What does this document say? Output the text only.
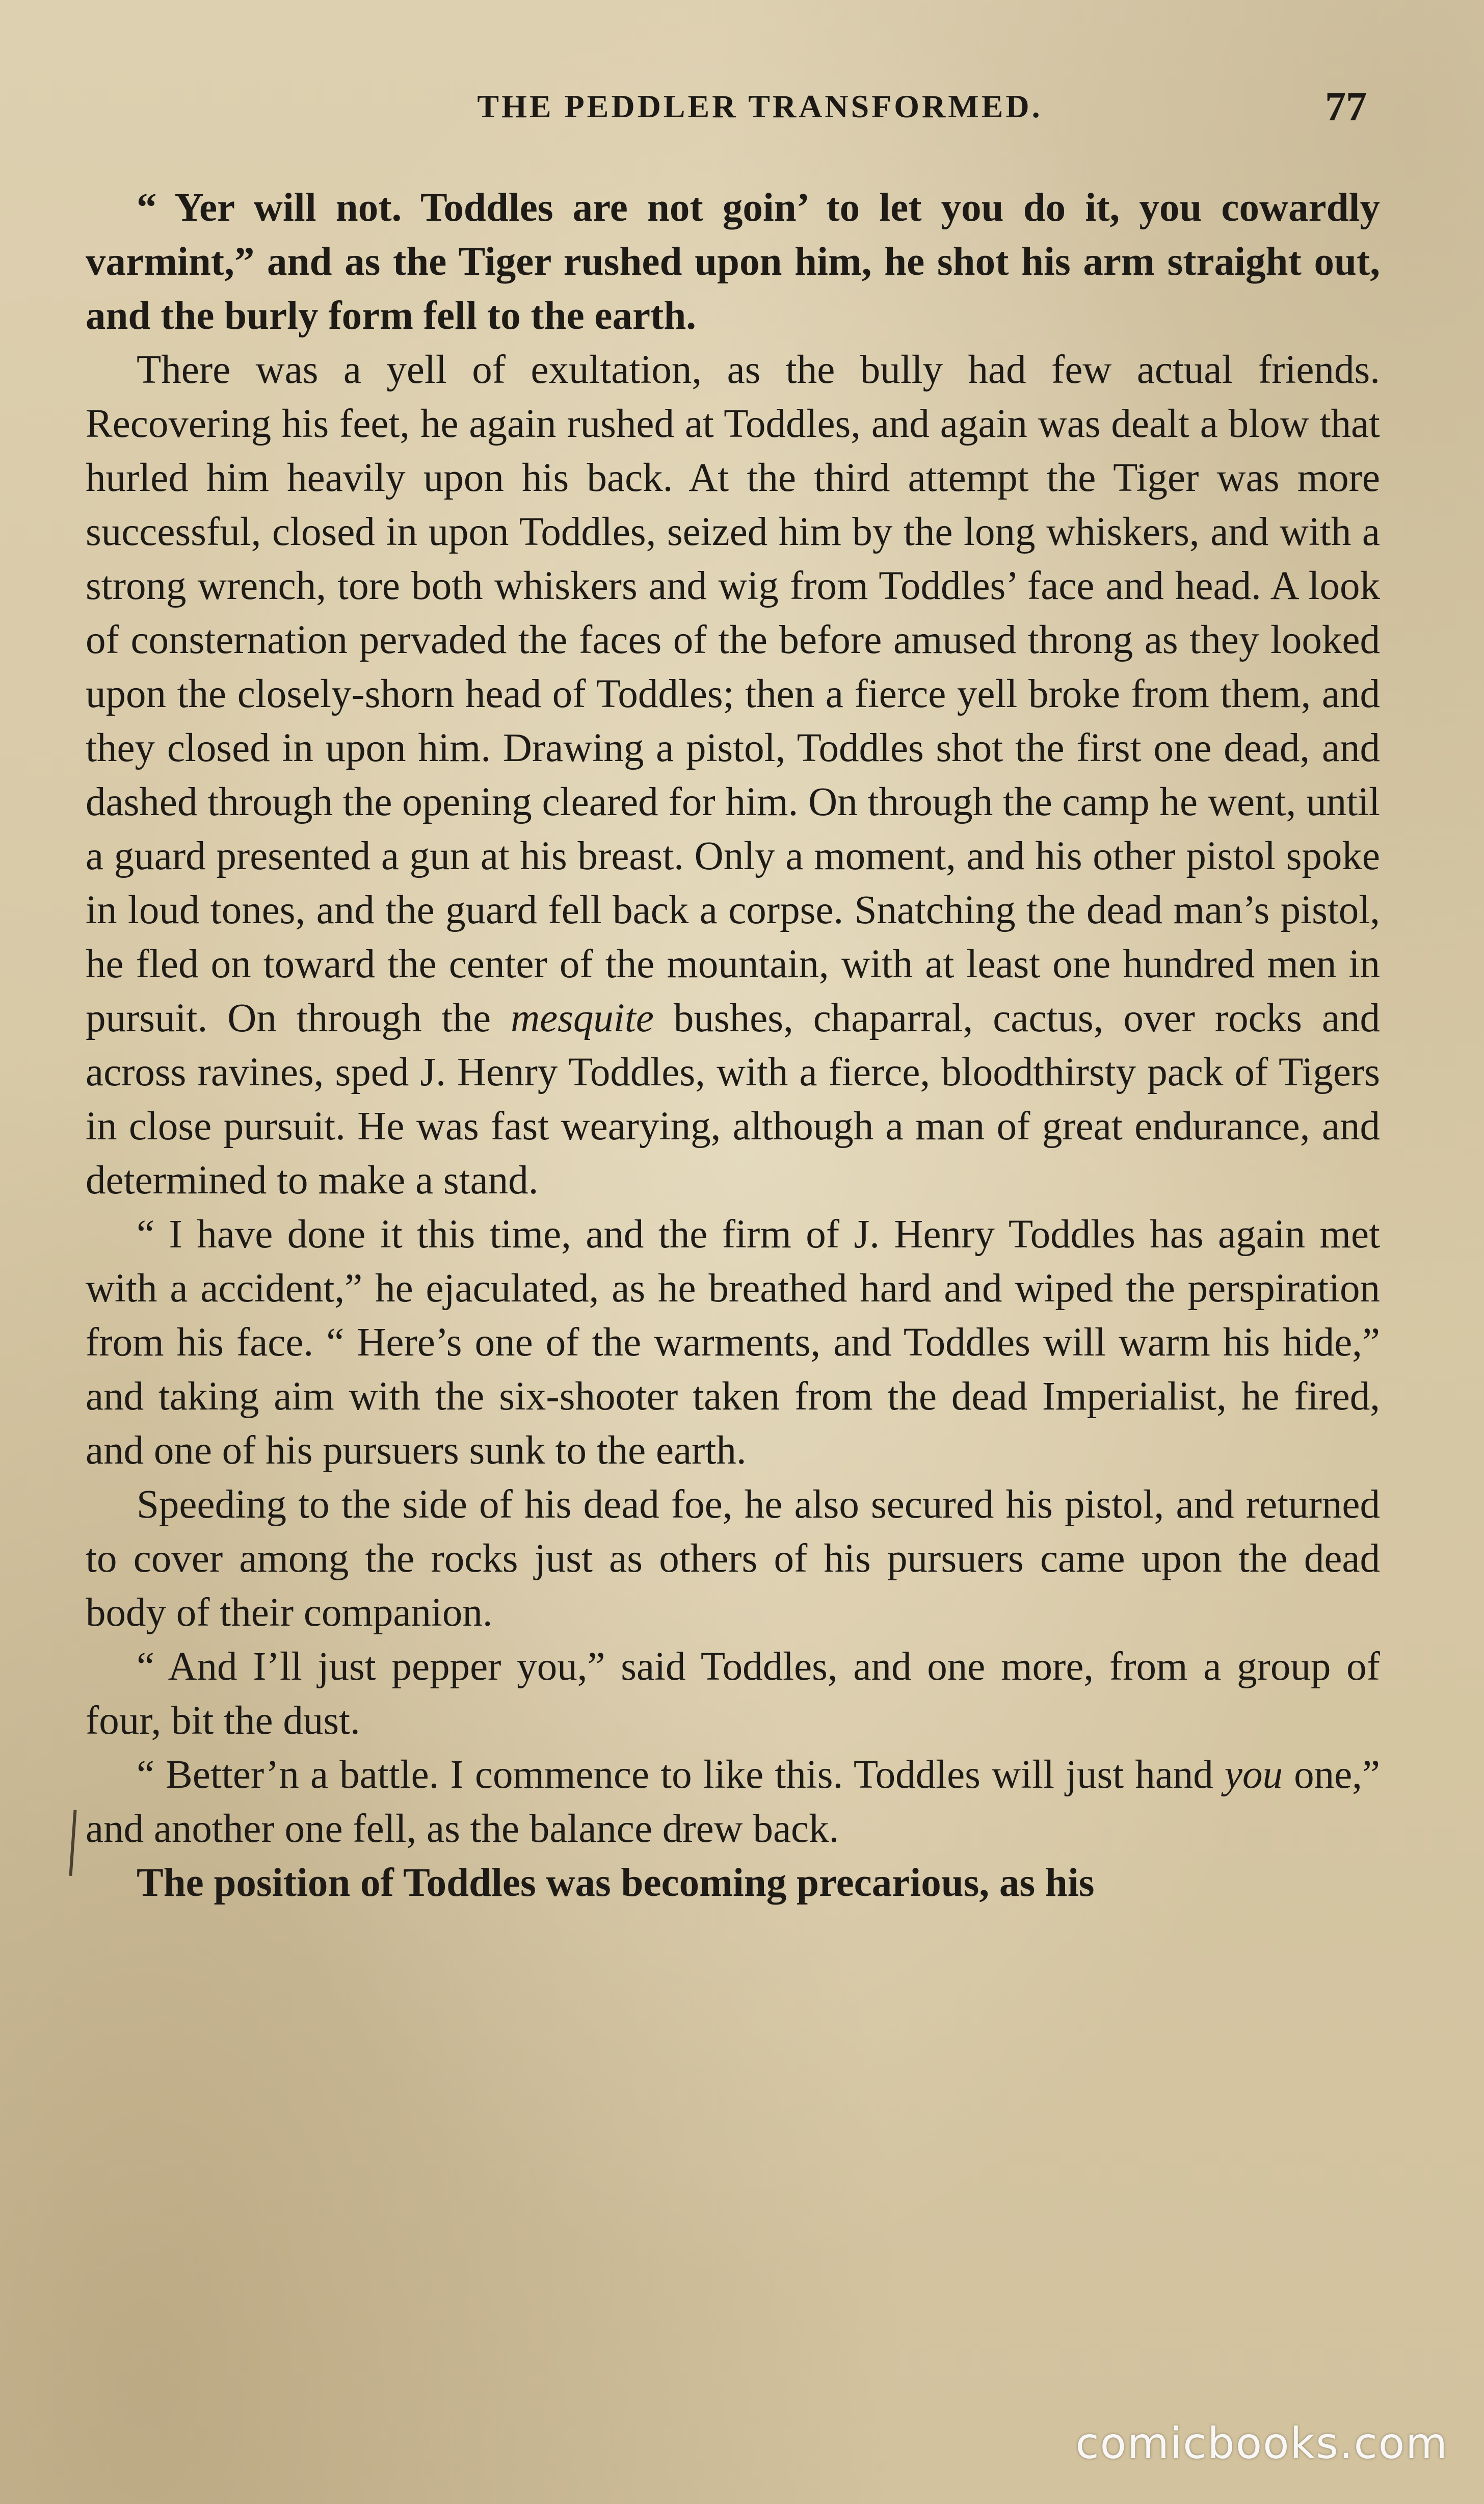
THE PEDDLER TRANSFORMED.	77

“ Yer will not. Toddles are not goin’ to let you do it, you cowardly varmint,” and as the Tiger rushed upon him, he shot his arm straight out, and the burly form fell to the earth.

There was a yell of exultation, as the bully had few actual friends. Recovering his feet, he again rushed at Toddles, and again was dealt a blow that hurled him heavily upon his back. At the third attempt the Tiger was more successful, closed in upon Toddles, seized him by the long whiskers, and with a strong wrench, tore both whiskers and wig from Toddles’ face and head. A look of consternation pervaded the faces of the before amused throng as they looked upon the closely-shorn head of Toddles; then a fierce yell broke from them, and they closed in upon him. Drawing a pistol, Toddles shot the first one dead, and dashed through the opening cleared for him. On through the camp he went, until a guard presented a gun at his breast. Only a moment, and his other pistol spoke in loud tones, and the guard fell back a corpse. Snatching the dead man’s pistol, he fled on toward the center of the mountain, with at least one hundred men in pursuit. On through the mesquite bushes, chaparral, cactus, over rocks and across ravines, sped J. Henry Toddles, with a fierce, bloodthirsty pack of Tigers in close pursuit. He was fast wearying, although a man of great endurance, and determined to make a stand.

“ I have done it this time, and the firm of J. Henry Toddles has again met with a accident,” he ejaculated, as he breathed hard and wiped the perspiration from his face. “ Here’s one of the warments, and Toddles will warm his hide,” and taking aim with the six-shooter taken from the dead Imperialist, he fired, and one of his pursuers sunk to the earth.

Speeding to the side of his dead foe, he also secured his pistol, and returned to cover among the rocks just as others of his pursuers came upon the dead body of their companion.

“ And I’ll just pepper you,” said Toddles, and one more, from a group of four, bit the dust.

“ Better’n a battle. I commence to like this. Toddles will just hand you one,” and another one fell, as the balance drew back.

The position of Toddles was becoming precarious, as his

comicbooks.com
